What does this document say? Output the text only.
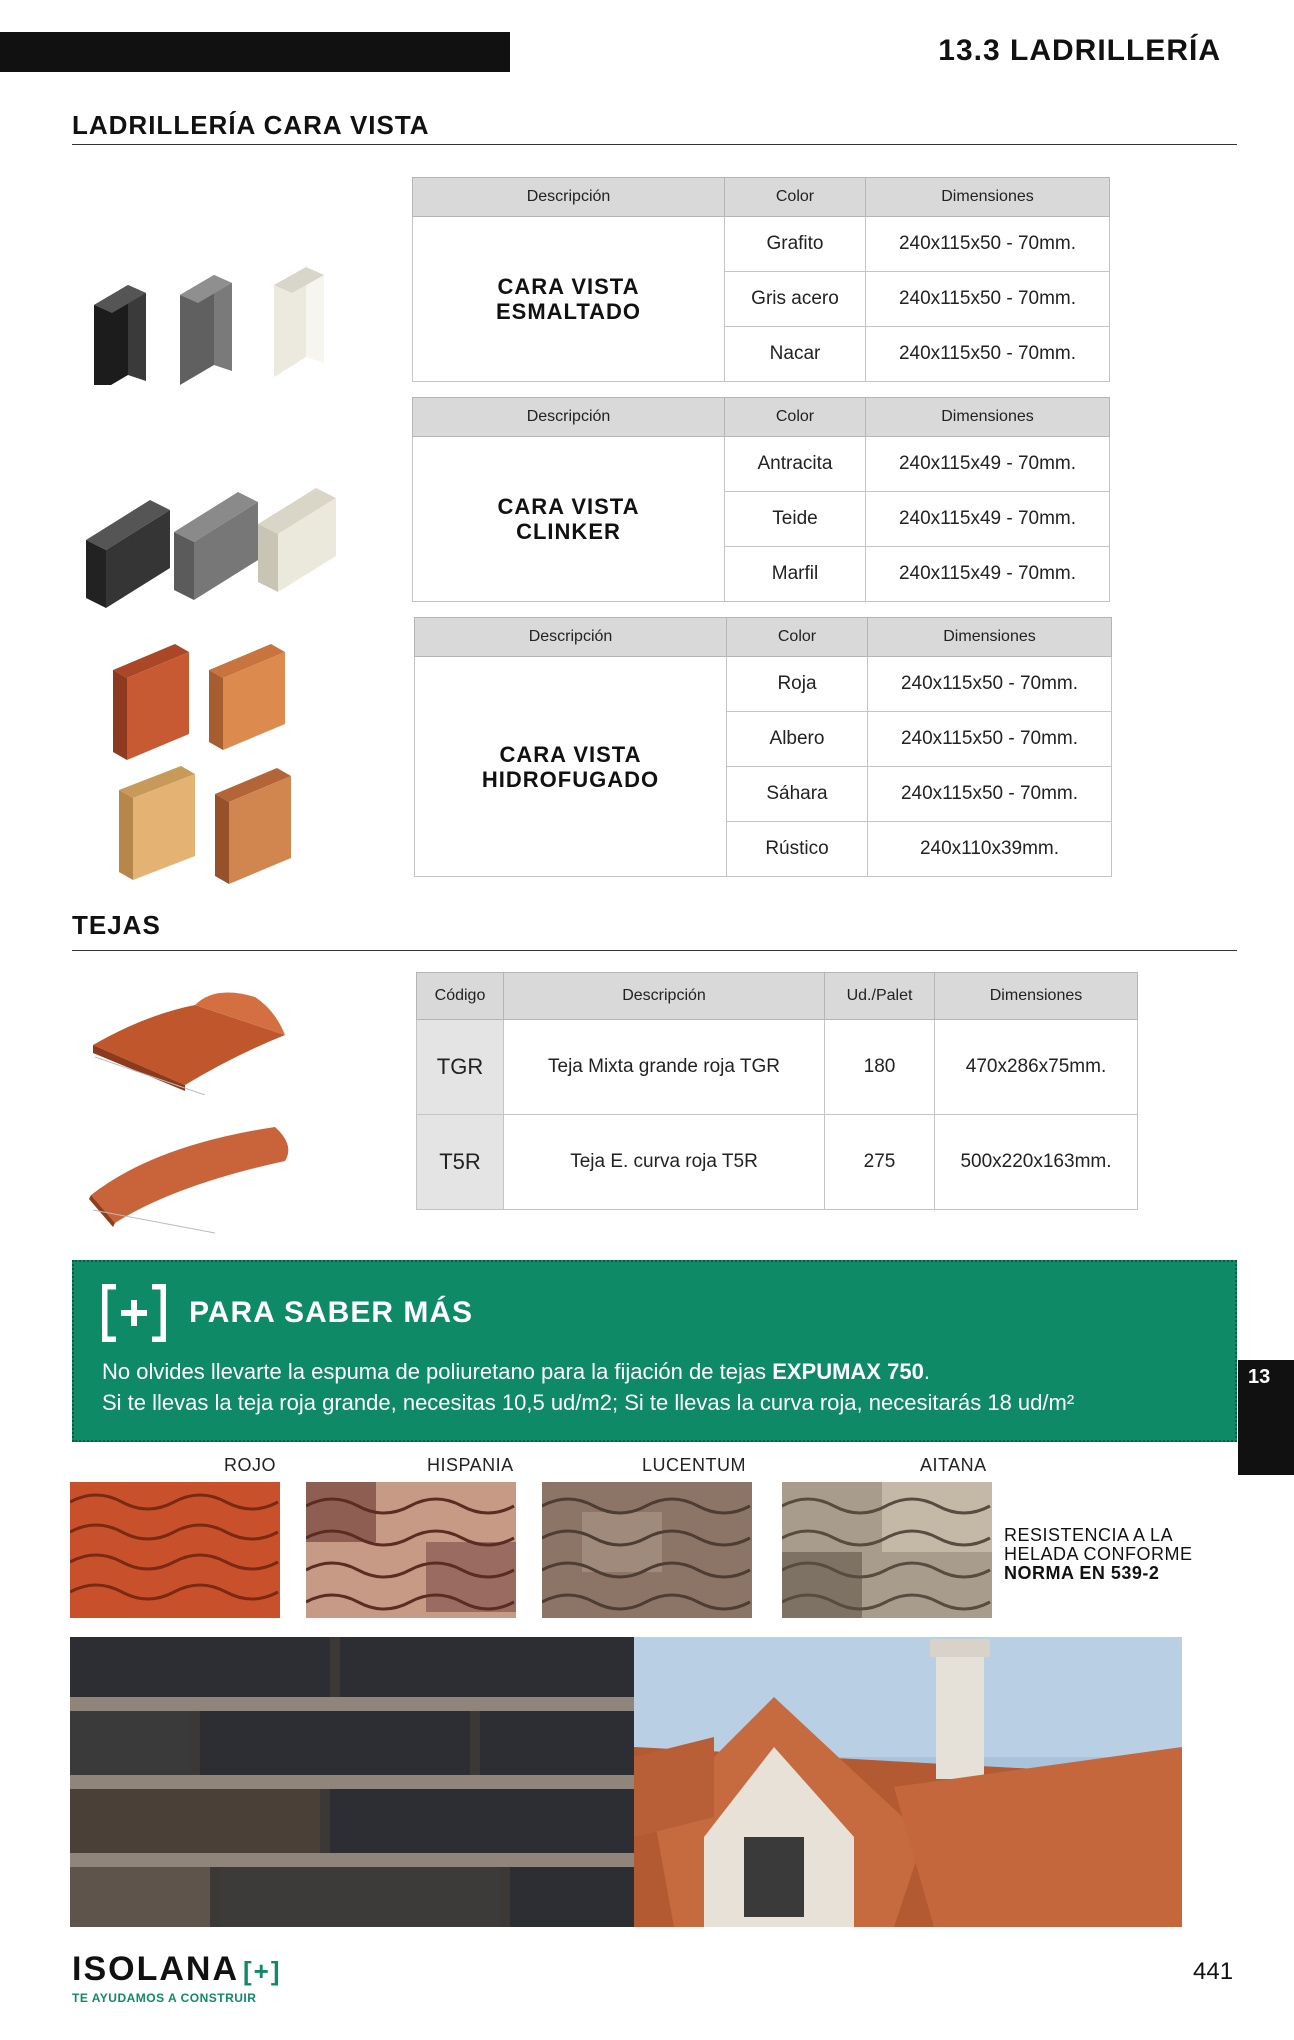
13.3 LADRILLERÍA
LADRILLERÍA CARA VISTA
Descripción	Color	Dimensiones

CARA VISTA
ESMALTADO	Grafito	240x115x50 - 70mm.
	Gris acero	240x115x50 - 70mm.
	Nacar	240x115x50 - 70mm.
Descripción	Color	Dimensiones

CARA VISTA
CLINKER	Antracita	240x115x49 - 70mm.
	Teide	240x115x49 - 70mm.
	Marfil	240x115x49 - 70mm.
Descripción	Color	Dimensiones

CARA VISTA
HIDROFUGADO	Roja	240x115x50 - 70mm.
	Albero	240x115x50 - 70mm.
	Sáhara	240x115x50 - 70mm.
	Rústico	240x110x39mm.
TEJAS
Código	Descripción	Ud./Palet	Dimensiones
TGR	Teja Mixta grande roja TGR	180	470x286x75mm.
T5R	Teja E. curva roja T5R	275	500x220x163mm.
PARA SABER MÁS
No olvides llevarte la espuma de poliuretano para la fijación de tejas EXPUMAX 750.
Si te llevas la teja roja grande, necesitas 10,5 ud/m2; Si te llevas la curva roja, necesitarás 18 ud/m²
13
ROJO	HISPANIA	LUCENTUM	AITANA
RESISTENCIA A LA
HELADA CONFORME
NORMA EN 539-2
ISOLANA [+]
TE AYUDAMOS A CONSTRUIR
441
